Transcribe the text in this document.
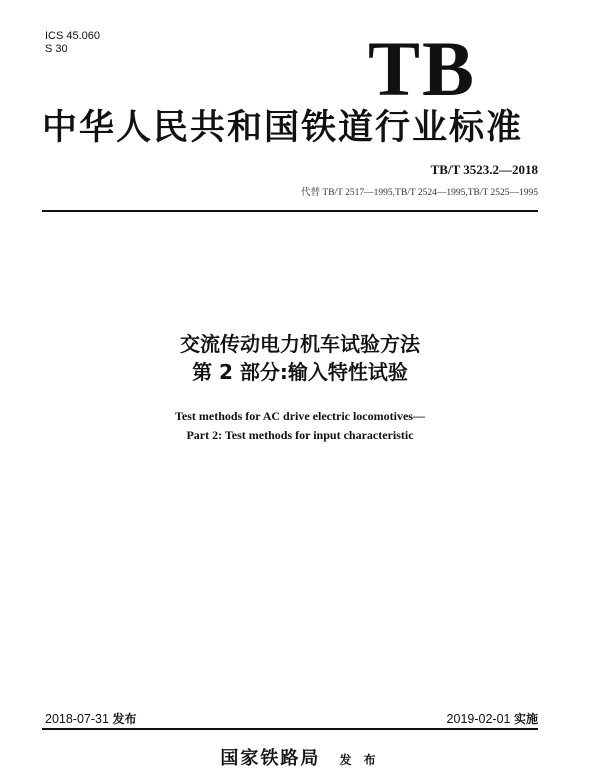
ICS 45.060
S 30	TB
中华人民共和国铁道行业标准
TB/T 3523.2—2018
代替 TB/T 2517—1995,TB/T 2524—1995,TB/T 2525—1995
交流传动电力机车试验方法
第 2 部分:输入特性试验
Test methods for AC drive electric locomotives—
Part 2: Test methods for input characteristic
2018-07-31 发布	2019-02-01 实施
国家铁路局 发 布
